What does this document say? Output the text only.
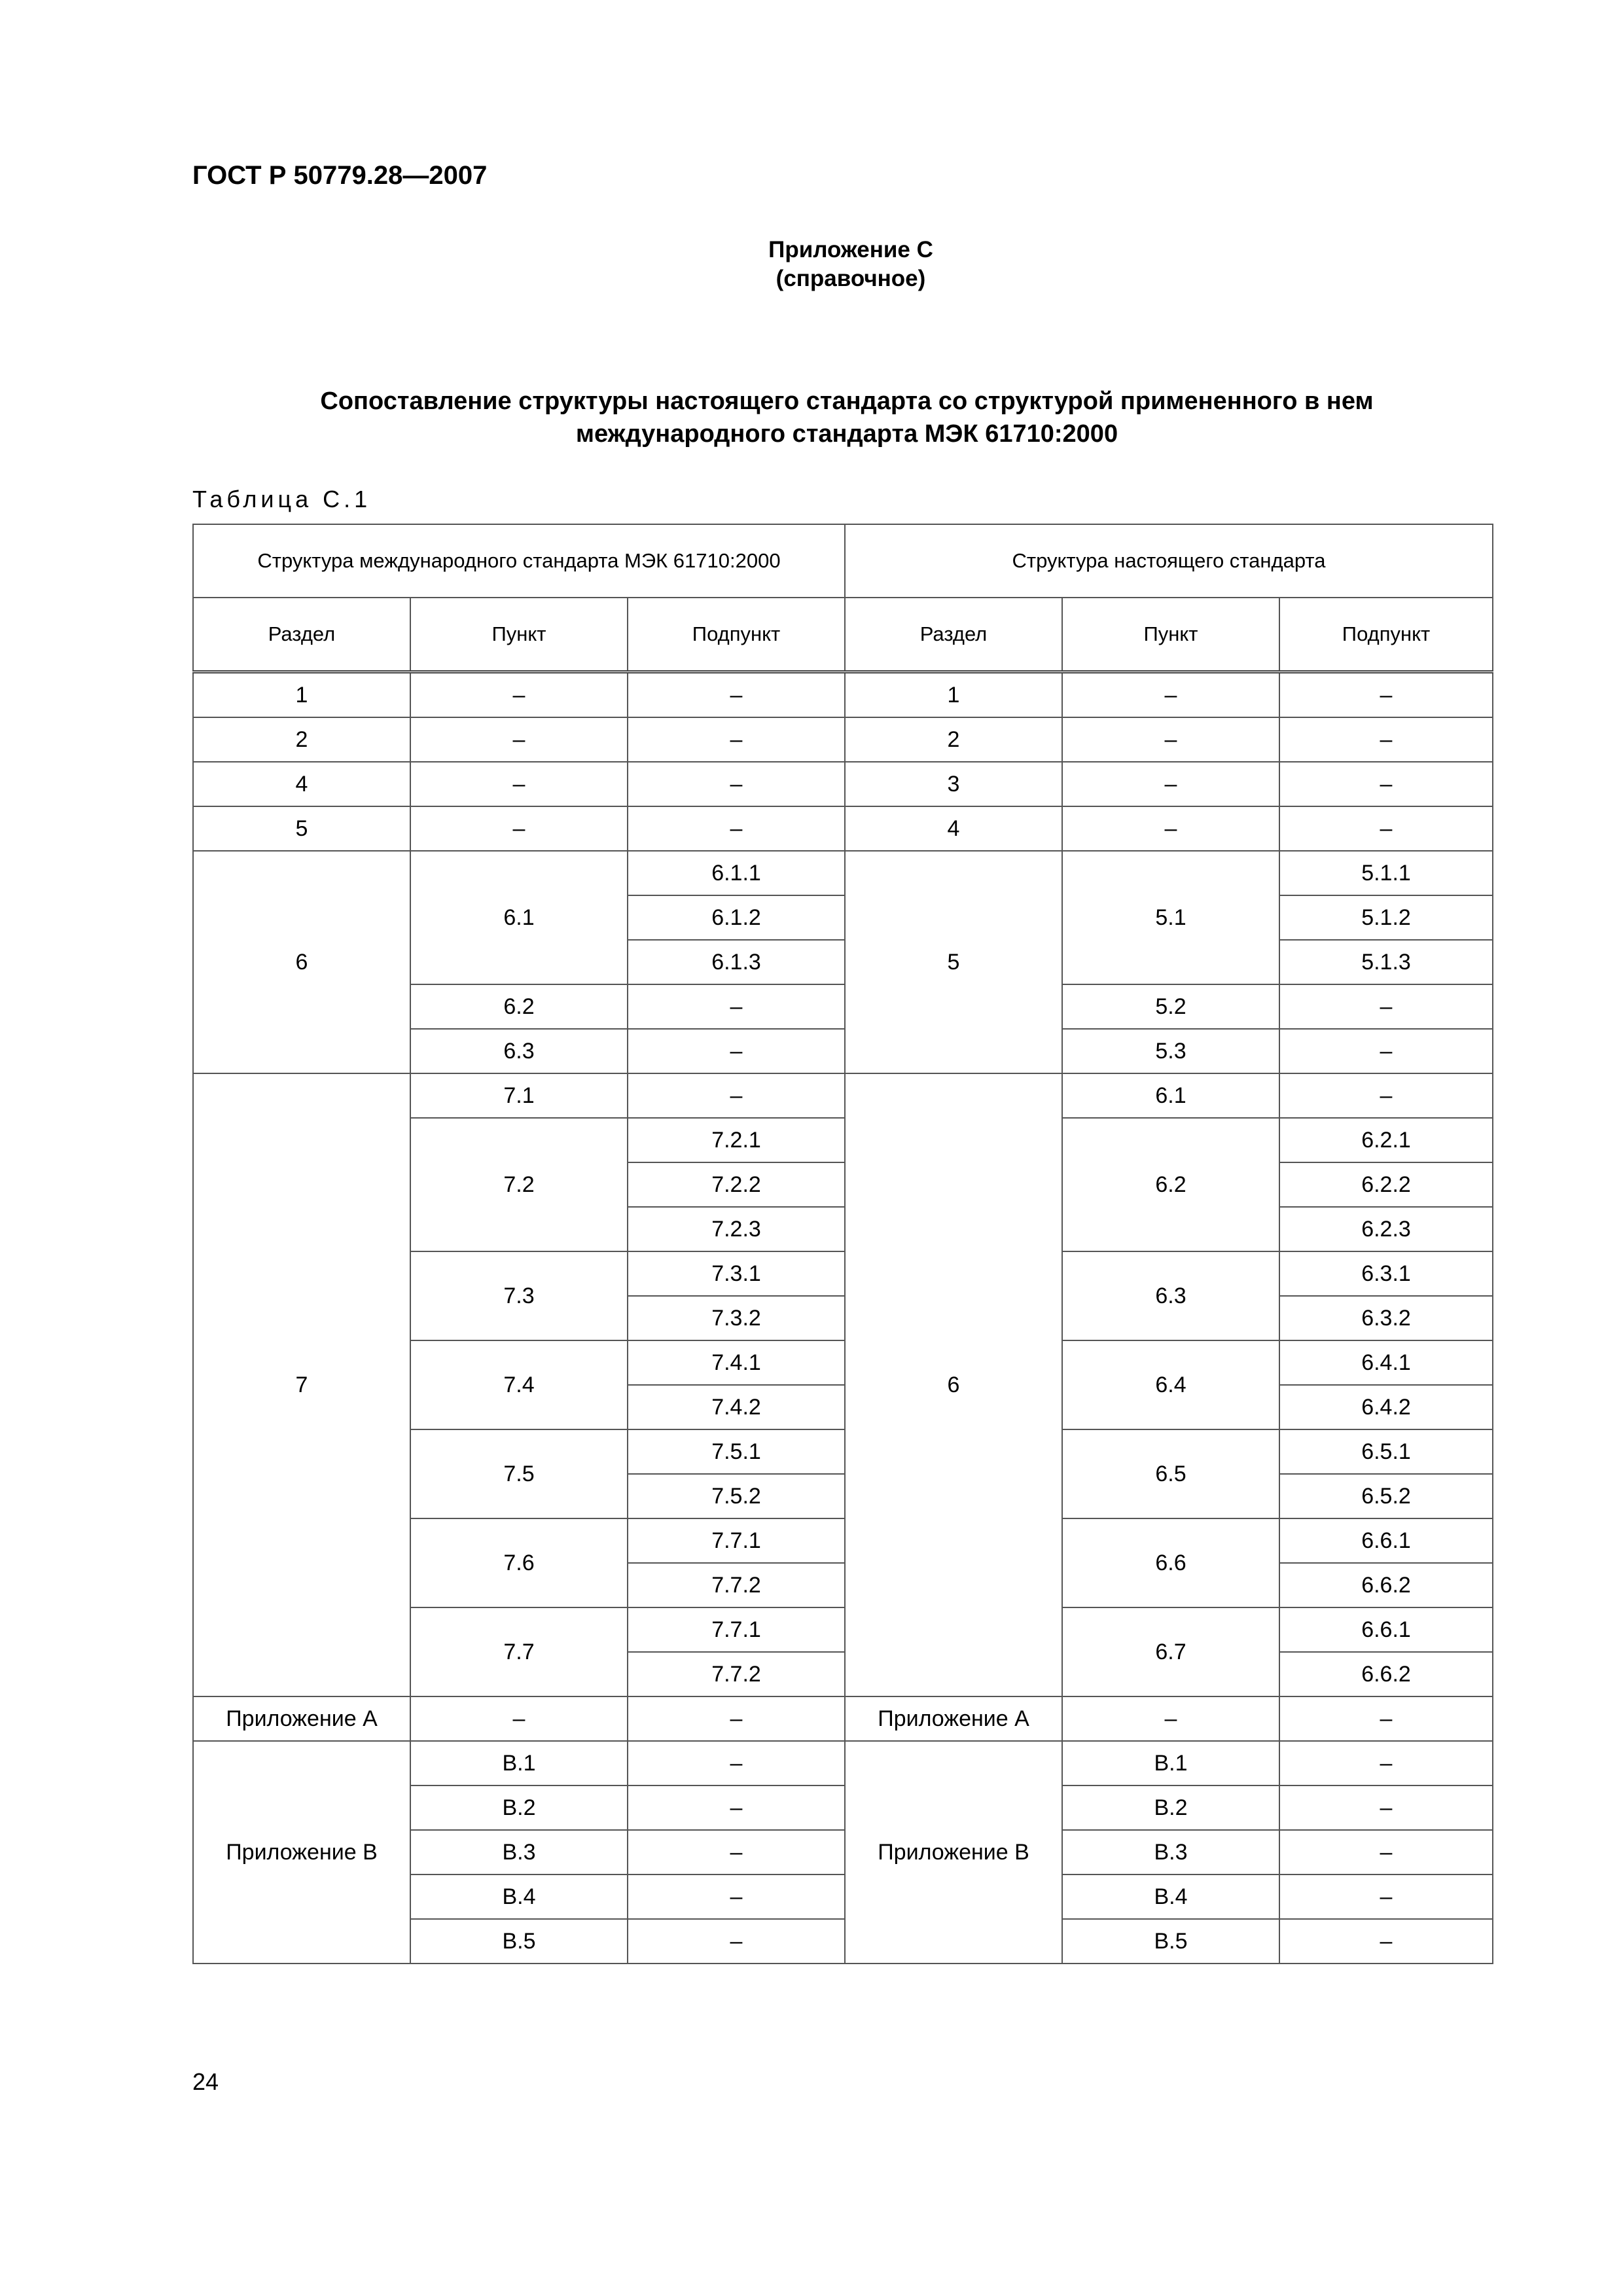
ГОСТ Р 50779.28—2007
Приложение С
(справочное)
Сопоставление структуры настоящего стандарта со структурой примененного в нем
международного стандарта МЭК 61710:2000
Таблица С.1
Структура международного стандарта МЭК 61710:2000			Структура настоящего стандарта		
Раздел	Пункт	Подпункт	Раздел	Пункт	Подпункт
1	–	–	1	–	–
2	–	–	2	–	–
4	–	–	3	–	–
5	–	–	4	–	–
6	6.1	6.1.1	5	5.1	5.1.1
		6.1.2			5.1.2
		6.1.3			5.1.3
	6.2	–		5.2	–
	6.3	–		5.3	–
7	7.1	–	6	6.1	–
	7.2	7.2.1		6.2	6.2.1
		7.2.2			6.2.2
		7.2.3			6.2.3
	7.3	7.3.1		6.3	6.3.1
		7.3.2			6.3.2
	7.4	7.4.1		6.4	6.4.1
		7.4.2			6.4.2
	7.5	7.5.1		6.5	6.5.1
		7.5.2			6.5.2
	7.6	7.7.1		6.6	6.6.1
		7.7.2			6.6.2
	7.7	7.7.1		6.7	6.6.1
		7.7.2			6.6.2
Приложение А	–	–	Приложение А	–	–
Приложение В	В.1	–	Приложение В	В.1	–
	В.2	–		В.2	–
	В.3	–		В.3	–
	В.4	–		В.4	–
	В.5	–		В.5	–
24
